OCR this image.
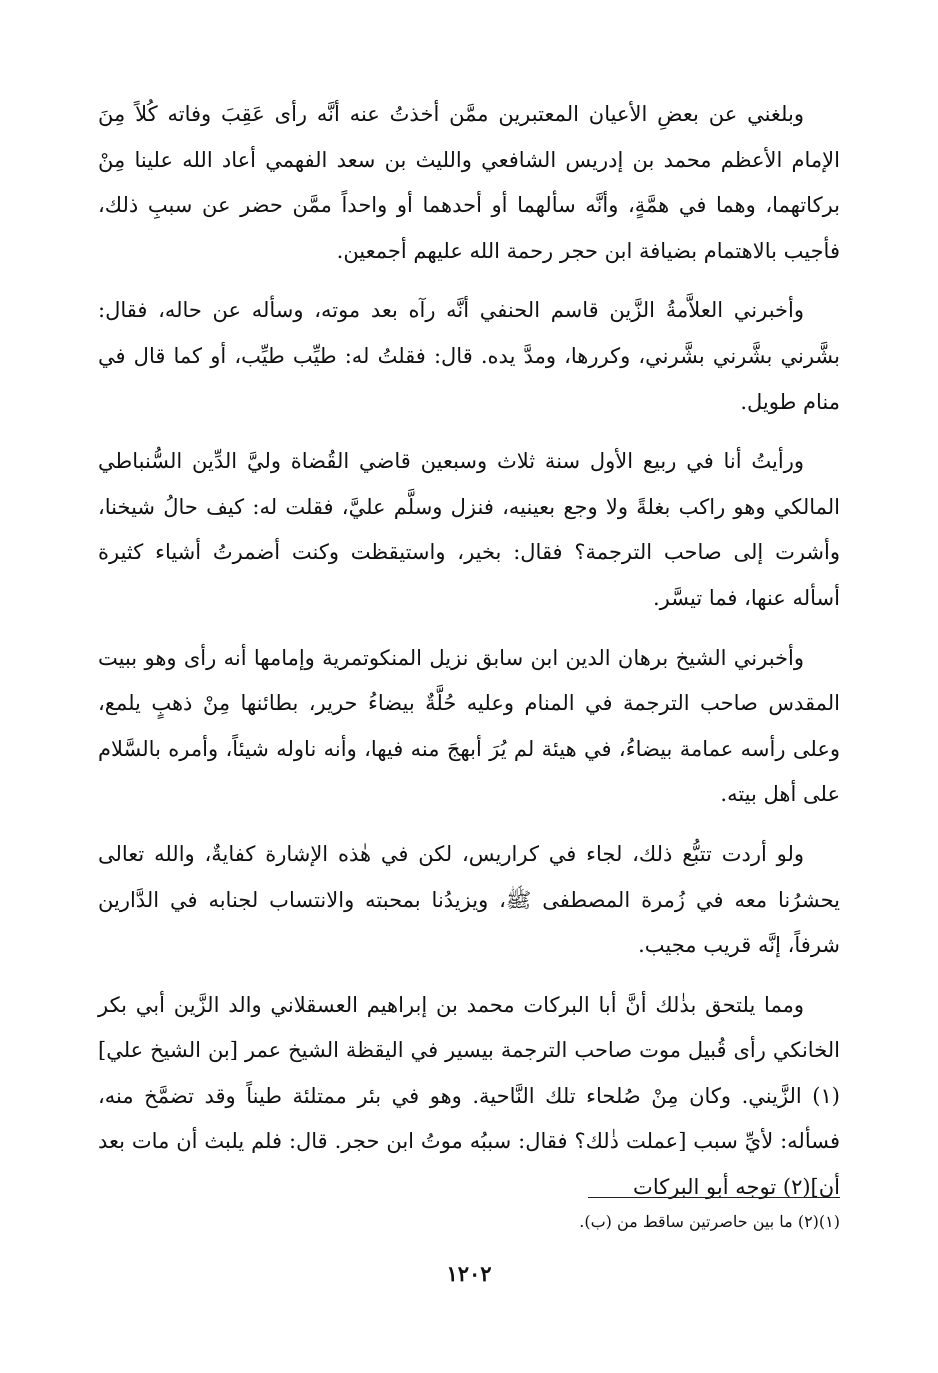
وبلغني عن بعضِ الأعيان المعتبرين ممَّن أخذتُ عنه أنَّه رأى عَقِبَ وفاته كُلاً مِنَ الإمام الأعظم محمد بن إدريس الشافعي والليث بن سعد الفهمي أعاد الله علينا مِنْ بركاتهما، وهما في همَّةٍ، وأنَّه سألهما أو أحدهما أو واحداً ممَّن حضر عن سببِ ذلك، فأجيب بالاهتمام بضيافة ابن حجر رحمة الله عليهم أجمعين.

وأخبرني العلاَّمةُ الزَّين قاسم الحنفي أنَّه رآه بعد موته، وسأله عن حاله، فقال: بشَّرني بشَّرني بشَّرني، وكررها، ومدَّ يده. قال: فقلتُ له: طيِّب طيِّب، أو كما قال في منام طويل.

ورأيتُ أنا في ربيع الأول سنة ثلاث وسبعين قاضي القُضاة وليَّ الدِّين السُّنباطي المالكي وهو راكب بغلةً ولا وجع بعينيه، فنزل وسلَّم عليَّ، فقلت له: كيف حالُ شيخنا، وأشرت إلى صاحب الترجمة؟ فقال: بخير، واستيقظت وكنت أضمرتُ أشياء كثيرة أسأله عنها، فما تيسَّر.

وأخبرني الشيخ برهان الدين ابن سابق نزيل المنكوتمرية وإمامها أنه رأى وهو ببيت المقدس صاحب الترجمة في المنام وعليه حُلَّةٌ بيضاءُ حرير، بطائنها مِنْ ذهبٍ يلمع، وعلى رأسه عمامة بيضاءُ، في هيئة لم يُرَ أبهجَ منه فيها، وأنه ناوله شيئاً، وأمره بالسَّلام على أهل بيته.

ولو أردت تتبُّع ذلك، لجاء في كراريس، لكن في هٰذه الإشارة كفايةٌ، والله تعالى يحشرُنا معه في زُمرة المصطفى ﷺ، ويزيدُنا بمحبته والانتساب لجنابه في الدَّارين شرفاً، إنَّه قريب مجيب.

ومما يلتحق بذٰلك أنَّ أبا البركات محمد بن إبراهيم العسقلاني والد الزَّين أبي بكر الخانكي رأى قُبيل موت صاحب الترجمة بيسير في اليقظة الشيخ عمر [بن الشيخ علي](١) الزَّيني. وكان مِنْ صُلحاء تلك النَّاحية. وهو في بئر ممتلئة طيناً وقد تضمَّخ منه، فسأله: لأيِّ سبب [عملت ذٰلك؟ فقال: سببُه موتُ ابن حجر. قال: فلم يلبث أن مات بعد أن](٢) توجه أبو البركات

(١)(٢) ما بين حاصرتين ساقط من (ب).

١٢٠٢
